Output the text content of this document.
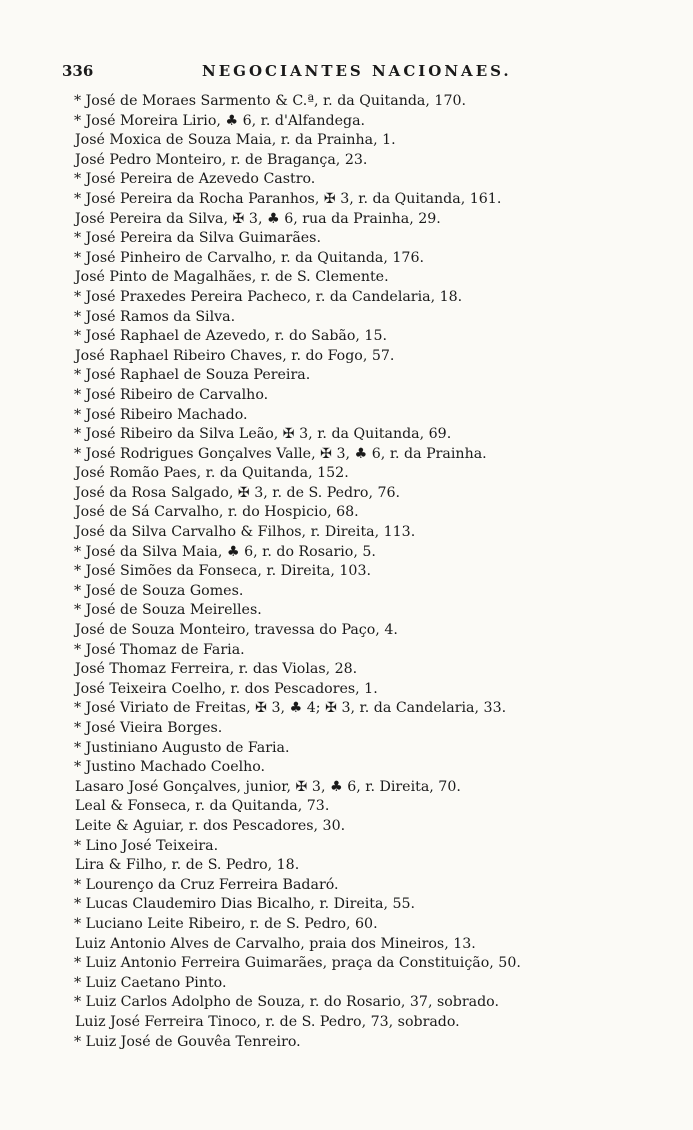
336	NEGOCIANTES NACIONAES.
* José de Moraes Sarmento & C.ª, r. da Quitanda, 170.
* José Moreira Lirio, ♣ 6, r. d'Alfandega.
José Moxica de Souza Maia, r. da Prainha, 1.
José Pedro Monteiro, r. de Bragança, 23.
* José Pereira de Azevedo Castro.
* José Pereira da Rocha Paranhos, ✠ 3, r. da Quitanda, 161.
José Pereira da Silva, ✠ 3, ♣ 6, rua da Prainha, 29.
* José Pereira da Silva Guimarães.
* José Pinheiro de Carvalho, r. da Quitanda, 176.
José Pinto de Magalhães, r. de S. Clemente.
* José Praxedes Pereira Pacheco, r. da Candelaria, 18.
* José Ramos da Silva.
* José Raphael de Azevedo, r. do Sabão, 15.
José Raphael Ribeiro Chaves, r. do Fogo, 57.
* José Raphael de Souza Pereira.
* José Ribeiro de Carvalho.
* José Ribeiro Machado.
* José Ribeiro da Silva Leão, ✠ 3, r. da Quitanda, 69.
* José Rodrigues Gonçalves Valle, ✠ 3, ♣ 6, r. da Prainha.
José Romão Paes, r. da Quitanda, 152.
José da Rosa Salgado, ✠ 3, r. de S. Pedro, 76.
José de Sá Carvalho, r. do Hospicio, 68.
José da Silva Carvalho & Filhos, r. Direita, 113.
* José da Silva Maia, ♣ 6, r. do Rosario, 5.
* José Simões da Fonseca, r. Direita, 103.
* José de Souza Gomes.
* José de Souza Meirelles.
José de Souza Monteiro, travessa do Paço, 4.
* José Thomaz de Faria.
José Thomaz Ferreira, r. das Violas, 28.
José Teixeira Coelho, r. dos Pescadores, 1.
* José Viriato de Freitas, ✠ 3, ♣ 4; ✠ 3, r. da Candelaria, 33.
* José Vieira Borges.
* Justiniano Augusto de Faria.
* Justino Machado Coelho.
Lasaro José Gonçalves, junior, ✠ 3, ♣ 6, r. Direita, 70.
Leal & Fonseca, r. da Quitanda, 73.
Leite & Aguiar, r. dos Pescadores, 30.
* Lino José Teixeira.
Lira & Filho, r. de S. Pedro, 18.
* Lourenço da Cruz Ferreira Badaró.
* Lucas Claudemiro Dias Bicalho, r. Direita, 55.
* Luciano Leite Ribeiro, r. de S. Pedro, 60.
Luiz Antonio Alves de Carvalho, praia dos Mineiros, 13.
* Luiz Antonio Ferreira Guimarães, praça da Constituição, 50.
* Luiz Caetano Pinto.
* Luiz Carlos Adolpho de Souza, r. do Rosario, 37, sobrado.
Luiz José Ferreira Tinoco, r. de S. Pedro, 73, sobrado.
* Luiz José de Gouvêa Tenreiro.
